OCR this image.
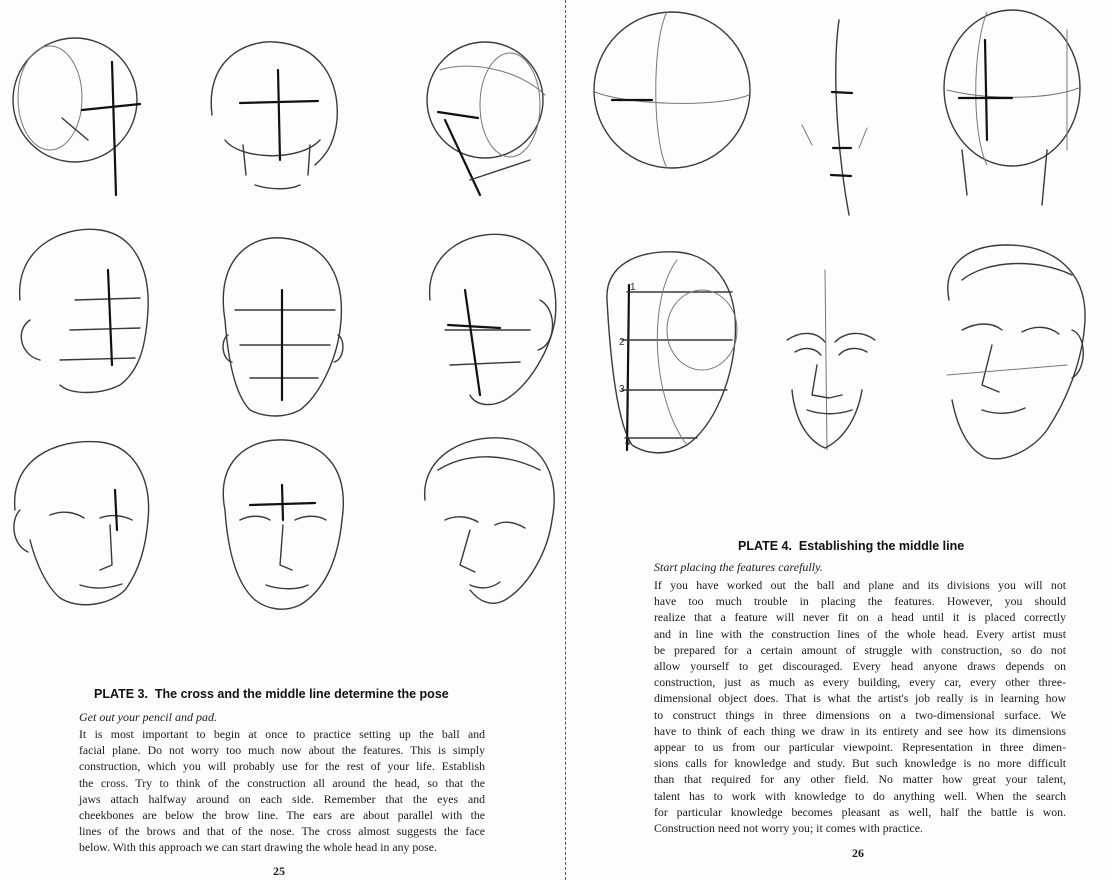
PLATE 3. The cross and the middle line determine the pose
Get out your pencil and pad.
It is most important to begin at once to practice setting up the ball and
facial plane. Do not worry too much now about the features. This is simply
construction, which you will probably use for the rest of your life. Establish
the cross. Try to think of the construction all around the head, so that the
jaws attach halfway around on each side. Remember that the eyes and
cheekbones are below the brow line. The ears are about parallel with the
lines of the brows and that of the nose. The cross almost suggests the face
below. With this approach we can start drawing the whole head in any pose.
25
1
2
3
4
PLATE 4. Establishing the middle line
Start placing the features carefully.
If you have worked out the ball and plane and its divisions you will not
have too much trouble in placing the features. However, you should
realize that a feature will never fit on a head until it is placed correctly
and in line with the construction lines of the whole head. Every artist must
be prepared for a certain amount of struggle with construction, so do not
allow yourself to get discouraged. Every head anyone draws depends on
construction, just as much as every building, every car, every other three-
dimensional object does. That is what the artist's job really is in learning how
to construct things in three dimensions on a two-dimensional surface. We
have to think of each thing we draw in its entirety and see how its dimensions
appear to us from our particular viewpoint. Representation in three dimen-
sions calls for knowledge and study. But such knowledge is no more difficult
than that required for any other field. No matter how great your talent,
talent has to work with knowledge to do anything well. When the search
for particular knowledge becomes pleasant as well, half the battle is won.
Construction need not worry you; it comes with practice.
26
